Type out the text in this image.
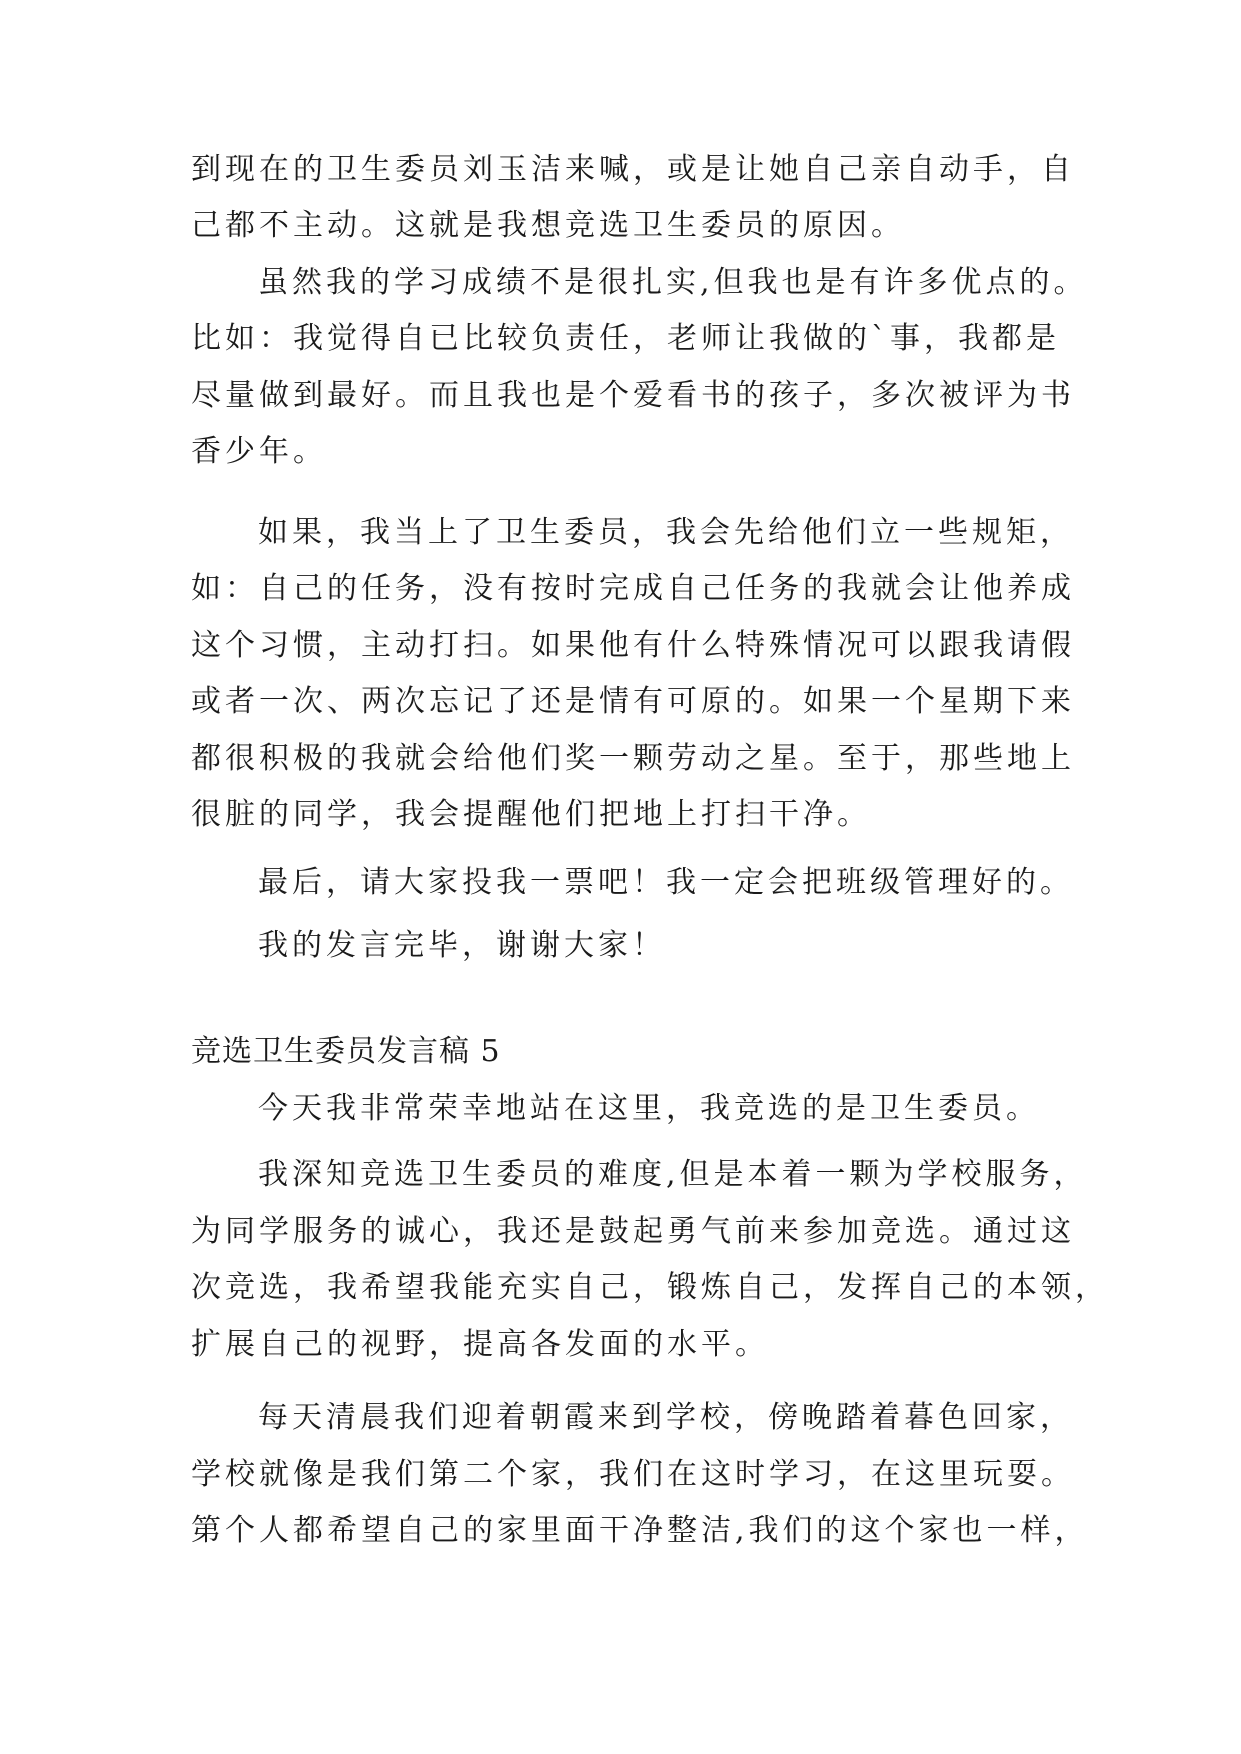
到现在的卫生委员刘玉洁来喊，或是让她自己亲自动手，自
己都不主动。这就是我想竞选卫生委员的原因。
虽然我的学习成绩不是很扎实,但我也是有许多优点的。
比如：我觉得自已比较负责任，老师让我做的`事，我都是
尽量做到最好。而且我也是个爱看书的孩子，多次被评为书
香少年。
如果，我当上了卫生委员，我会先给他们立一些规矩，
如：自己的任务，没有按时完成自己任务的我就会让他养成
这个习惯，主动打扫。如果他有什么特殊情况可以跟我请假
或者一次、两次忘记了还是情有可原的。如果一个星期下来
都很积极的我就会给他们奖一颗劳动之星。至于，那些地上
很脏的同学，我会提醒他们把地上打扫干净。
最后，请大家投我一票吧！我一定会把班级管理好的。
我的发言完毕，谢谢大家！
竞选卫生委员发言稿 5
今天我非常荣幸地站在这里，我竞选的是卫生委员。
我深知竞选卫生委员的难度,但是本着一颗为学校服务，
为同学服务的诚心，我还是鼓起勇气前来参加竞选。通过这
次竞选，我希望我能充实自己，锻炼自己，发挥自己的本领，
扩展自己的视野，提高各发面的水平。
每天清晨我们迎着朝霞来到学校，傍晚踏着暮色回家，
学校就像是我们第二个家，我们在这时学习，在这里玩耍。
第个人都希望自己的家里面干净整洁,我们的这个家也一样，
